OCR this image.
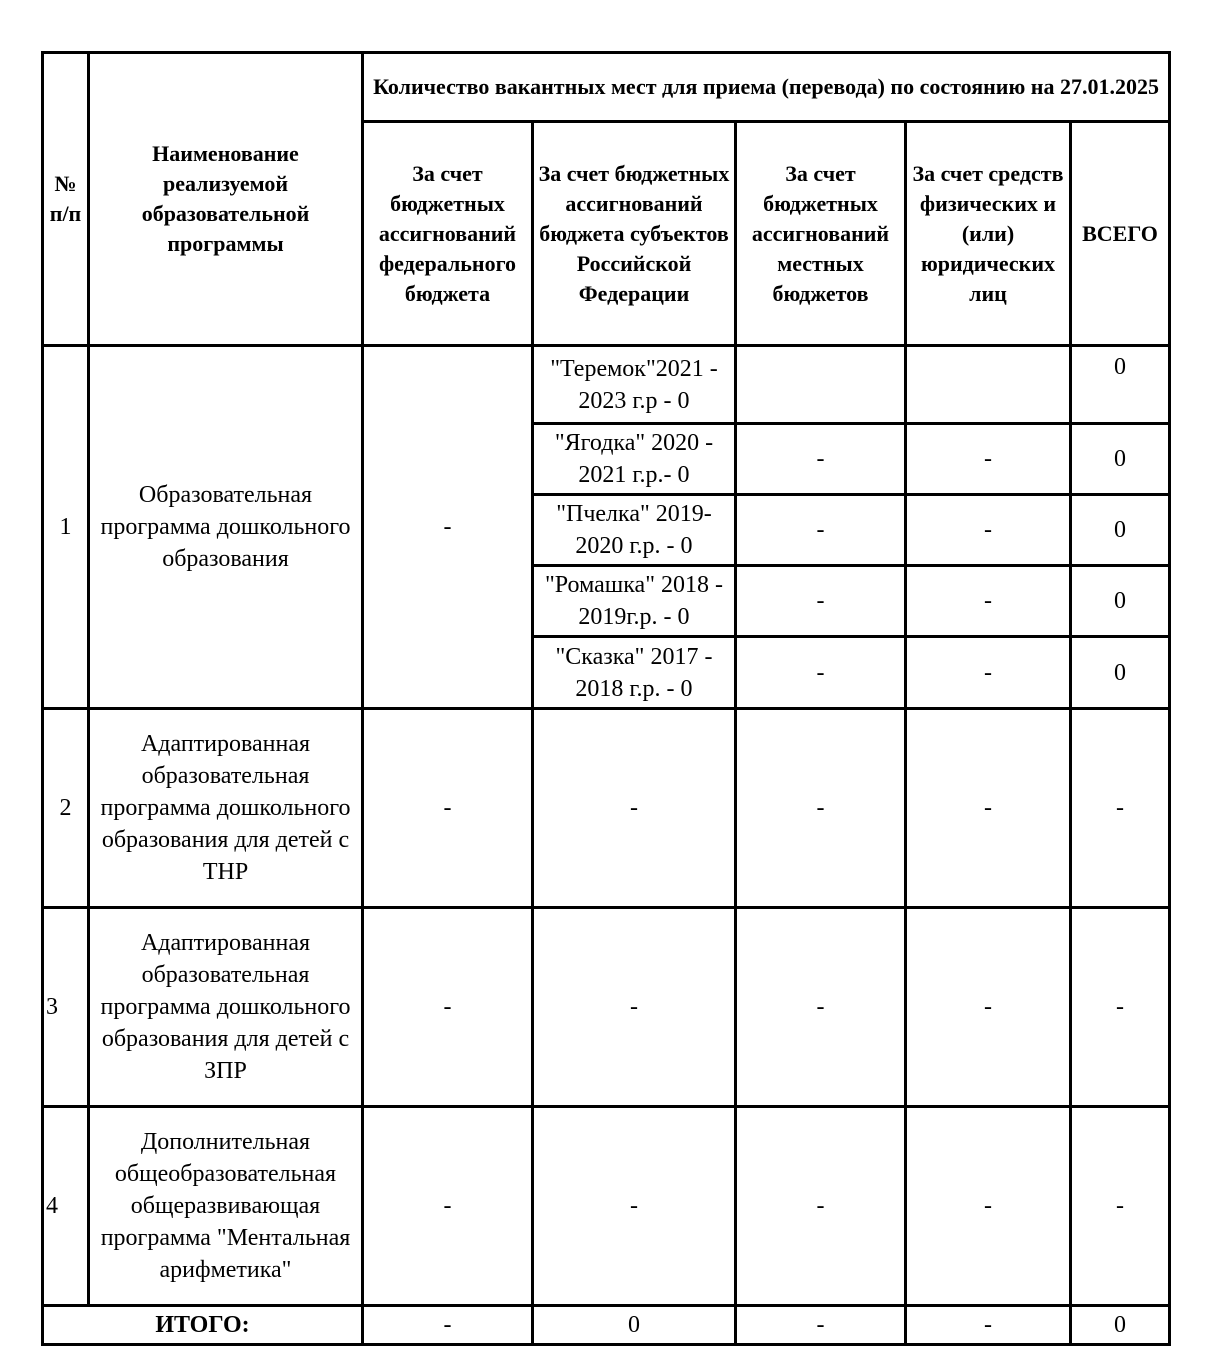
№ п/п	Наименование реализуемой образовательной программы	Количество вакантных мест для приема (перевода) по состоянию на 27.01.2025				
		За счет бюджетных ассигнований федерального бюджета	За счет бюджетных ассигнований бюджета субъектов Российской Федерации	За счет бюджетных ассигнований местных бюджетов	За счет средств физических и (или) юридических лиц	ВСЕГО
1	Образовательная программа дошкольного образования	-	"Теремок"2021 - 2023 г.р - 0			0
			"Ягодка" 2020 - 2021 г.р.- 0	-	-	0
			"Пчелка" 2019-2020 г.р. - 0	-	-	0
			"Ромашка" 2018 - 2019г.р. - 0	-	-	0
			"Сказка" 2017 - 2018 г.р. - 0	-	-	0
2	Адаптированная образовательная программа дошкольного образования для детей с ТНР	-	-	-	-	-
3	Адаптированная образовательная программа дошкольного образования для детей с ЗПР	-	-	-	-	-
4	Дополнительная общеобразовательная общеразвивающая программа "Ментальная арифметика"	-	-	-	-	-
ИТОГО:		-	0	-	-	0
